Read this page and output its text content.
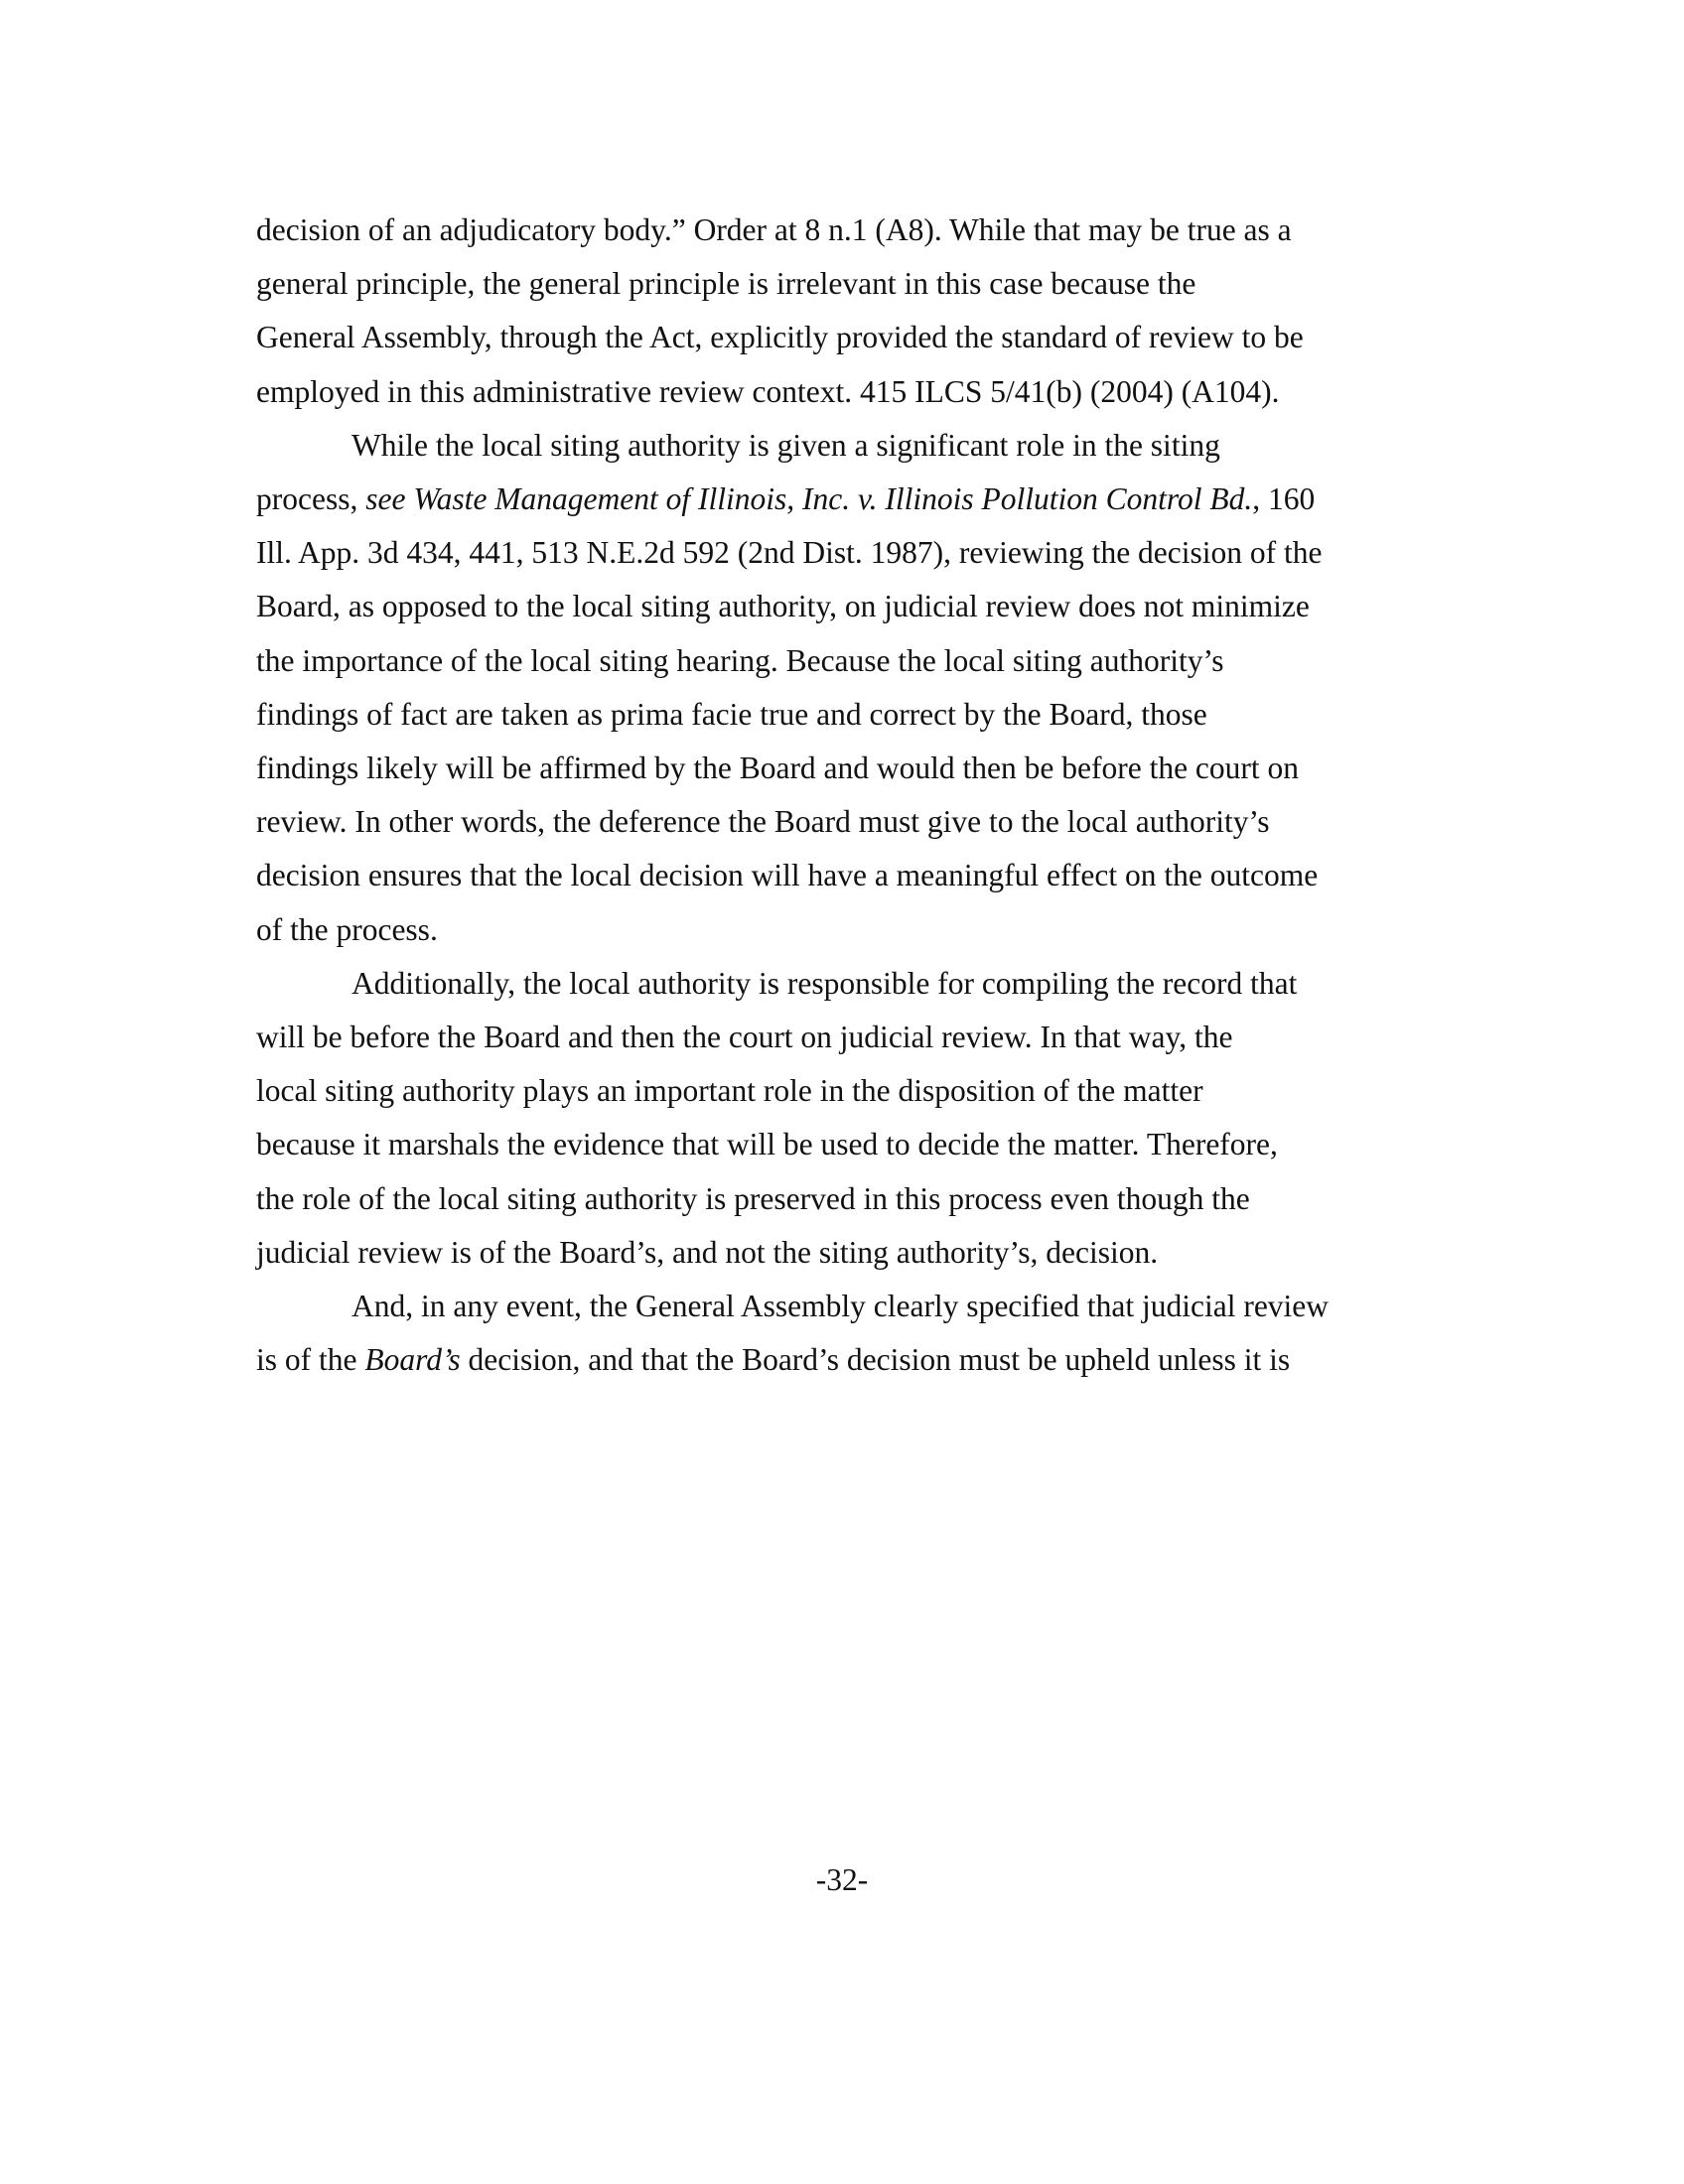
decision of an adjudicatory body.” Order at 8 n.1 (A8). While that may be true as a
general principle, the general principle is irrelevant in this case because the
General Assembly, through the Act, explicitly provided the standard of review to be
employed in this administrative review context. 415 ILCS 5/41(b) (2004) (A104).
While the local siting authority is given a significant role in the siting
process, see Waste Management of Illinois, Inc. v. Illinois Pollution Control Bd., 160
Ill. App. 3d 434, 441, 513 N.E.2d 592 (2nd Dist. 1987), reviewing the decision of the
Board, as opposed to the local siting authority, on judicial review does not minimize
the importance of the local siting hearing. Because the local siting authority’s
findings of fact are taken as prima facie true and correct by the Board, those
findings likely will be affirmed by the Board and would then be before the court on
review. In other words, the deference the Board must give to the local authority’s
decision ensures that the local decision will have a meaningful effect on the outcome
of the process.
Additionally, the local authority is responsible for compiling the record that
will be before the Board and then the court on judicial review. In that way, the
local siting authority plays an important role in the disposition of the matter
because it marshals the evidence that will be used to decide the matter. Therefore,
the role of the local siting authority is preserved in this process even though the
judicial review is of the Board’s, and not the siting authority’s, decision.
And, in any event, the General Assembly clearly specified that judicial review
is of the Board’s decision, and that the Board’s decision must be upheld unless it is
-32-
